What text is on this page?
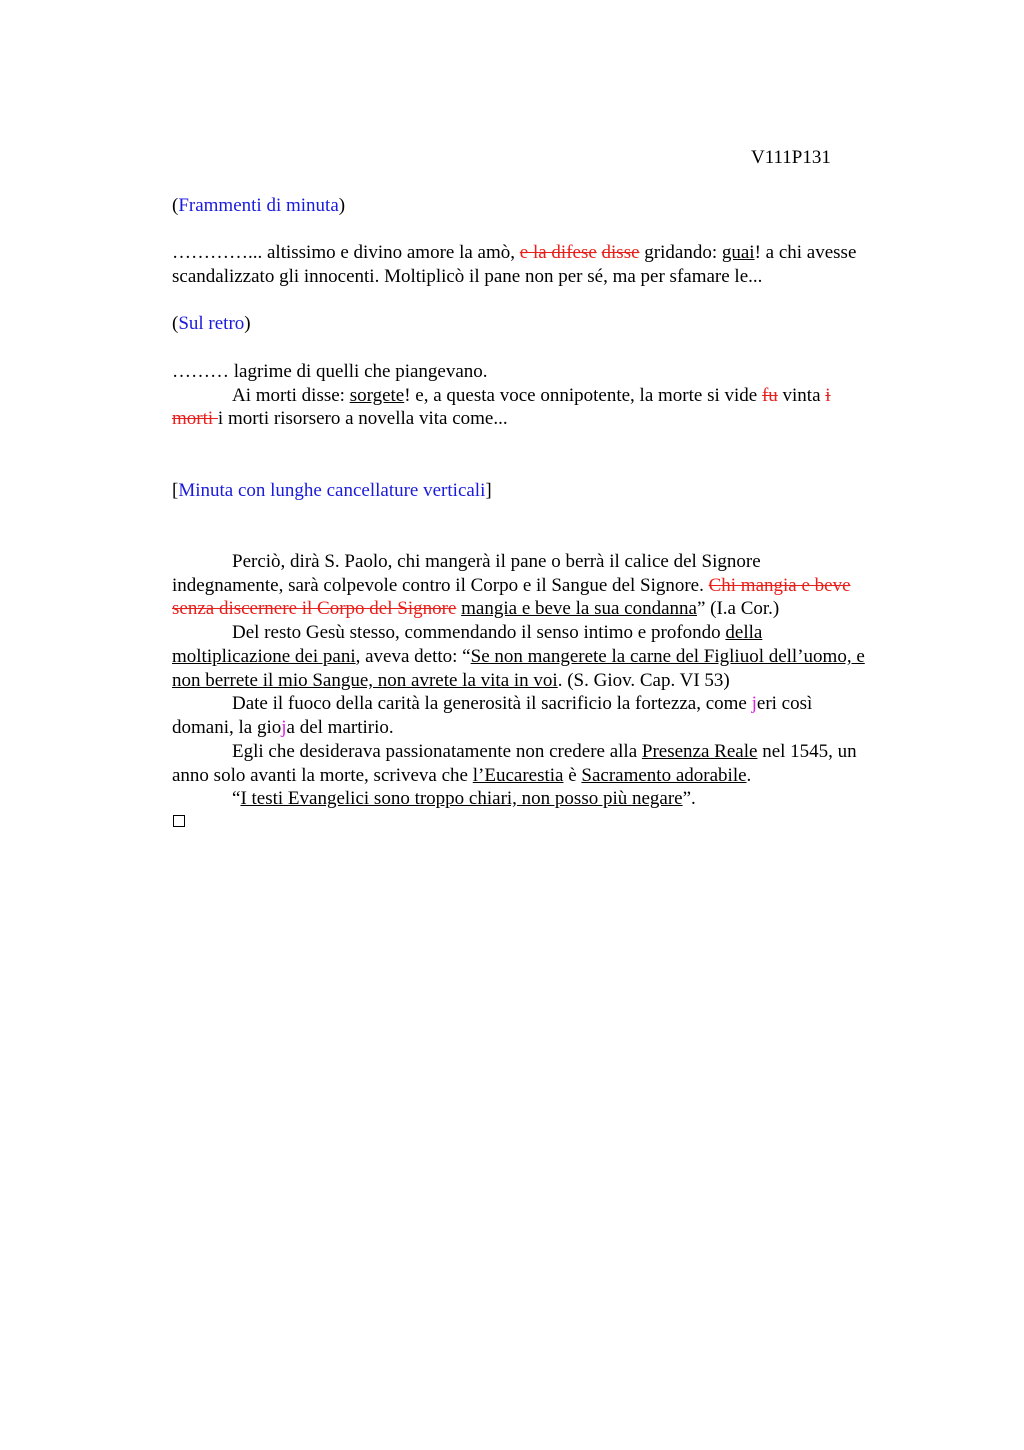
V111P131
(Frammenti di minuta)
…………... altissimo e divino amore la amò, e la difese disse gridando: guai! a chi avesse
scandalizzato gli innocenti. Moltiplicò il pane non per sé, ma per sfamare le...
(Sul retro)
……… lagrime di quelli che piangevano.
Ai morti disse: sorgete! e, a questa voce onnipotente, la morte si vide fu vinta i
morti i morti risorsero a novella vita come...
[Minuta con lunghe cancellature verticali]
Perciò, dirà S. Paolo, chi mangerà il pane o berrà il calice del Signore
indegnamente, sarà colpevole contro il Corpo e il Sangue del Signore. Chi mangia e beve
senza discernere il Corpo del Signore mangia e beve la sua condanna” (I.a Cor.)
Del resto Gesù stesso, commendando il senso intimo e profondo della
moltiplicazione dei pani, aveva detto: “Se non mangerete la carne del Figliuol dell’uomo, e
non berrete il mio Sangue, non avrete la vita in voi. (S. Giov. Cap. VI 53)
Date il fuoco della carità la generosità il sacrificio la fortezza, come jeri così
domani, la gioja del martirio.
Egli che desiderava passionatamente non credere alla Presenza Reale nel 1545, un
anno solo avanti la morte, scriveva che l’Eucarestia è Sacramento adorabile.
“I testi Evangelici sono troppo chiari, non posso più negare”.
